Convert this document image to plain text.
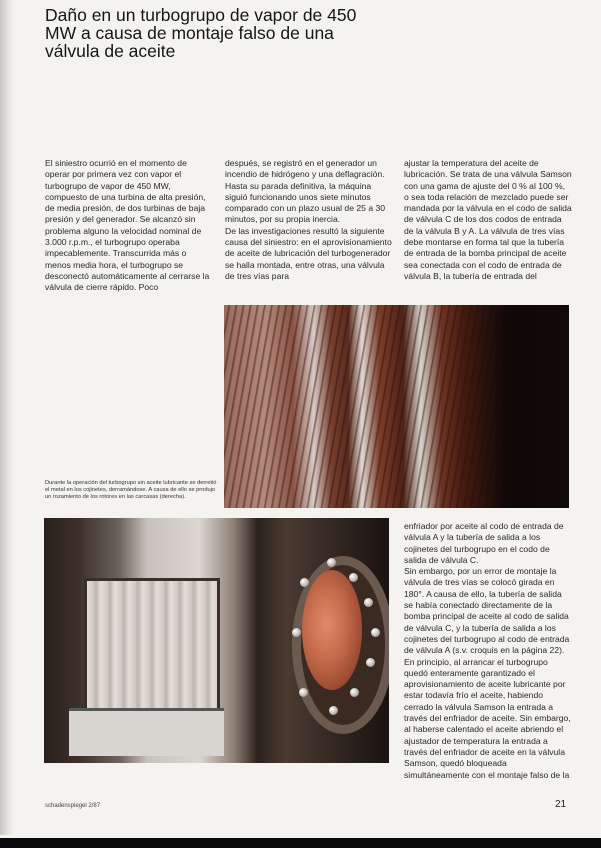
Daño en un turbogrupo de vapor de 450 MW a causa de montaje falso de una válvula de aceite

El siniestro ocurrió en el momento de operar por primera vez con vapor el turbogrupo de vapor de 450 MW, compuesto de una turbina de alta presión, de media presión, de dos turbinas de baja presión y del generador. Se alcanzó sin problema alguno la velocidad nominal de 3.000 r.p.m., el turbogrupo operaba impecablemente. Transcurrida más o menos media hora, el turbogrupo se desconectó automáticamente al cerrarse la válvula de cierre rápido. Poco

después, se registró en el generador un incendio de hidrógeno y una deflagración.

Hasta su parada definitiva, la máquina siguió funcionando unos siete minutos comparado con un plazo usual de 25 a 30 minutos, por su propia inercia.

De las investigaciones resultó la siguiente causa del siniestro: en el aprovisionamiento de aceite de lubricación del turbogenerador se halla montada, entre otras, una válvula de tres vías para

ajustar la temperatura del aceite de lubricación. Se trata de una válvula Samson con una gama de ajuste del 0 % al 100 %, o sea toda relación de mezclado puede ser mandada por la válvula en el codo de salida de válvula C de los dos codos de entrada de la válvula B y A. La válvula de tres vías debe montarse en forma tal que la tubería de entrada de la bomba principal de aceite sea conectada con el codo de entrada de válvula B, la tubería de entrada del

Durante la operación del turbogrupo sin aceite lubricante se derretió el metal en los cojinetes, derramándose. A causa de ello se produjo un rozamiento de los rotores en las carcasas (derecha).

enfriador por aceite al codo de entrada de válvula A y la tubería de salida a los cojinetes del turbogrupo en el codo de salida de válvula C.

Sin embargo, por un error de montaje la válvula de tres vías se colocó girada en 180°. A causa de ello, la tubería de salida se había conectado directamente de la bomba principal de aceite al codo de salida de válvula C, y la tubería de salida a los cojinetes del turbogrupo al codo de entrada de válvula A (s.v. croquis en la página 22). En principio, al arrancar el turbogrupo quedó enteramente garantizado el aprovisionamiento de aceite lubricante por estar todavía frío el aceite, habiendo cerrado la válvula Samson la entrada a través del enfriador de aceite. Sin embargo, al haberse calentado el aceite abriendo el ajustador de temperatura la entrada a través del enfriador de aceite en la válvula Samson, quedó bloqueada simultáneamente con el montaje falso de la

schadenspiegel 2/87	21
